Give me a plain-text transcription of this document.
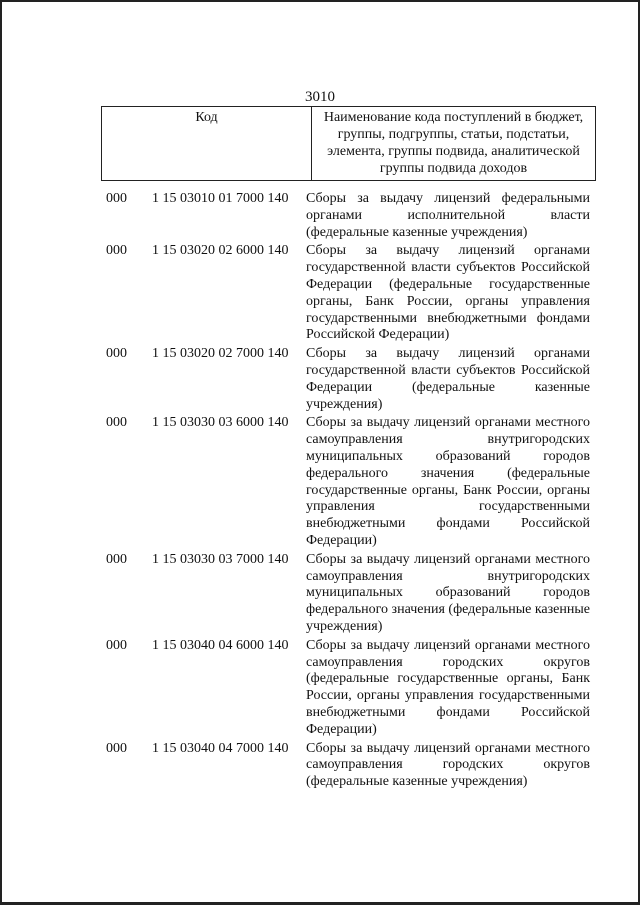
3010
Код	Наименование кода поступлений в бюджет, группы, подгруппы, статьи, подстатьи, элемента, группы подвида, аналитической группы подвида доходов
000	1 15 03010 01 7000 140	Сборы за выдачу лицензий федеральными органами исполнительной власти (федеральные казенные учреждения)
000	1 15 03020 02 6000 140	Сборы за выдачу лицензий органами государственной власти субъектов Российской Федерации (федеральные государственные органы, Банк России, органы управления государственными внебюджетными фондами Российской Федерации)
000	1 15 03020 02 7000 140	Сборы за выдачу лицензий органами государственной власти субъектов Российской Федерации (федеральные казенные учреждения)
000	1 15 03030 03 6000 140	Сборы за выдачу лицензий органами местного самоуправления внутригородских муниципальных образований городов федерального значения (федеральные государственные органы, Банк России, органы управления государственными внебюджетными фондами Российской Федерации)
000	1 15 03030 03 7000 140	Сборы за выдачу лицензий органами местного самоуправления внутригородских муниципальных образований городов федерального значения (федеральные казенные учреждения)
000	1 15 03040 04 6000 140	Сборы за выдачу лицензий органами местного самоуправления городских округов (федеральные государственные органы, Банк России, органы управления государственными внебюджетными фондами Российской Федерации)
000	1 15 03040 04 7000 140	Сборы за выдачу лицензий органами местного самоуправления городских округов (федеральные казенные учреждения)
